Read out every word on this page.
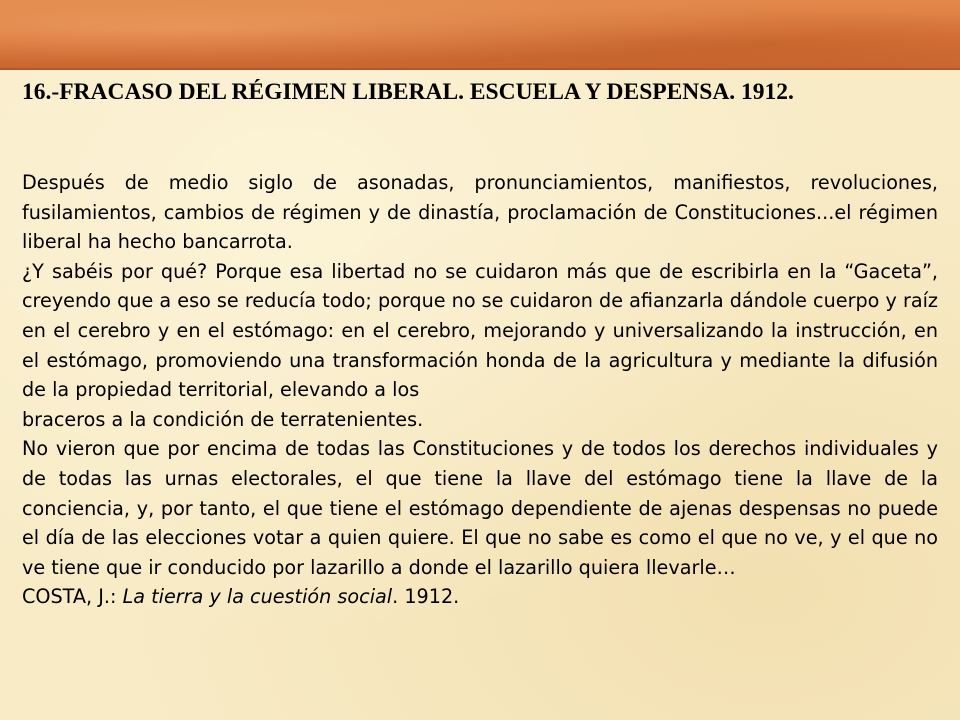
16.-FRACASO DEL RÉGIMEN LIBERAL. ESCUELA Y DESPENSA. 1912.

Después de medio siglo de asonadas, pronunciamientos, manifiestos, revoluciones, fusilamientos, cambios de régimen y de dinastía, proclamación de Constituciones...el régimen liberal ha hecho bancarrota.

¿Y sabéis por qué? Porque esa libertad no se cuidaron más que de escribirla en la “Gaceta”, creyendo que a eso se reducía todo; porque no se cuidaron de afianzarla dándole cuerpo y raíz en el cerebro y en el estómago: en el cerebro, mejorando y universalizando la instrucción, en el estómago, promoviendo una transformación honda de la agricultura y mediante la difusión de la propiedad territorial, elevando a los

braceros a la condición de terratenientes.

No vieron que por encima de todas las Constituciones y de todos los derechos individuales y de todas las urnas electorales, el que tiene la llave del estómago tiene la llave de la conciencia, y, por tanto, el que tiene el estómago dependiente de ajenas despensas no puede el día de las elecciones votar a quien quiere. El que no sabe es como el que no ve, y el que no ve tiene que ir conducido por lazarillo a donde el lazarillo quiera llevarle…

COSTA, J.: La tierra y la cuestión social. 1912.
